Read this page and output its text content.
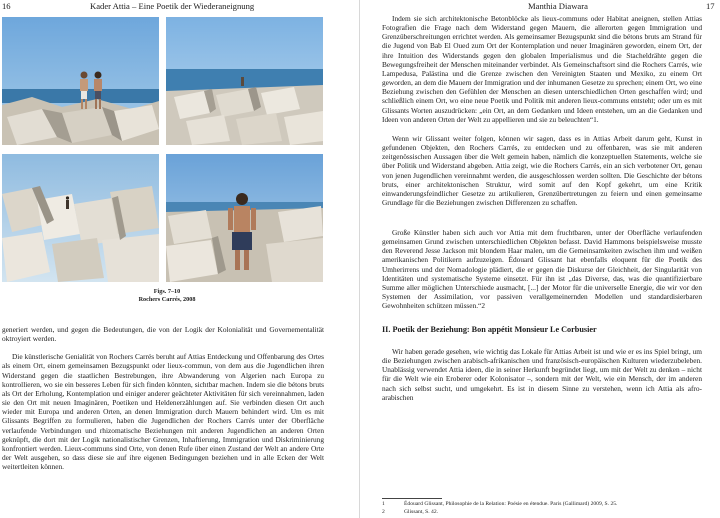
16	Kader Attia – Eine Poetik der Wiederaneignung
Figs. 7–10
Rochers Carrés, 2008

generiert werden, und gegen die Bedeutungen, die von der Logik der Kolonialität und Governementalität oktroyiert werden.

Die künstlerische Genialität von Rochers Carrés beruht auf Attias Entdeckung und Offenbarung des Ortes als einem Ort, einem gemeinsamen Bezugspunkt oder lieux-commun, von dem aus die Jugendlichen ihren Widerstand gegen die staatlichen Bestrebungen, ihre Abwanderung von Algerien nach Europa zu kontrollieren, wo sie ein besseres Leben für sich finden könnten, sichtbar machen. Indem sie die bétons bruts als Ort der Erholung, Kontemplation und einiger anderer geächteter Aktivitäten für sich vereinnahmen, laden sie den Ort mit neuen Imaginären, Poetiken und Heldenerzählungen auf. Sie verbinden diesen Ort auch wieder mit Europa und anderen Orten, an denen Immigration durch Mauern behindert wird. Um es mit Glissants Begriffen zu formulieren, haben die Jugendlichen der Rochers Carrés unter der Oberfläche verlaufende Verbindungen und rhizomatische Beziehungen mit anderen Jugendlichen an anderen Orten geknüpft, die dort mit der Logik nationalistischer Grenzen, Inhaftierung, Immigration und Diskriminierung konfrontiert werden. Lieux-communs sind Orte, von denen Rufe über einen Zustand der Welt an andere Orte der Welt ausgehen, so dass diese sie auf ihre eigenen Bedingungen beziehen und in alle Ecken der Welt weitertleiten können.

Manthia Diawara	17

Indem sie sich architektonische Betonblöcke als lieux-communs oder Habitat aneignen, stellen Attias Fotografien die Frage nach dem Widerstand gegen Mauern, die allerorten gegen Immigration und Grenzüberschreitungen errichtet werden. Als gemeinsamer Bezugspunkt sind die bétons bruts am Strand für die Jugend von Bab El Oued zum Ort der Kontemplation und neuer Imaginären geworden, einem Ort, der ihre Intuition des Widerstands gegen den globalen Imperialismus und die Stacheldrähte gegen die Bewegungsfreiheit der Menschen miteinander verbindet. Als Gemeinschaftsort sind die Rochers Carrés, wie Lampedusa, Palästina und die Grenze zwischen den Vereinigten Staaten und Mexiko, zu einem Ort geworden, an dem die Mauern der Immigration und der inhumanen Gesetze zu sprechen; einem Ort, wo eine Beziehung zwischen den Gefühlen der Menschen an diesen unterschiedlichen Orten geschaffen wird; und schließlich einem Ort, wo eine neue Poetik und Politik mit anderen lieux-communs entsteht; oder um es mit Glissants Worten auszudrücken: „ein Ort, an dem Gedanken und Ideen entstehen, um an die Gedanken und Ideen von anderen Orten der Welt zu appellieren und sie zu beleuchten“1.

Wenn wir Glissant weiter folgen, können wir sagen, dass es in Attias Arbeit darum geht, Kunst in gefundenen Objekten, den Rochers Carrés, zu entdecken und zu offenbaren, was sie mit anderen zeitgenössischen Aussagen über die Welt gemein haben, nämlich die konzeptuellen Statements, welche sie über Politik und Widerstand abgeben. Attia zeigt, wie die Rochers Carrés, ein an sich verbotener Ort, genau von jenen Jugendlichen vereinnahmt werden, die ausgeschlossen werden sollten. Die Geschichte der bétons bruts, einer architektonischen Struktur, wird somit auf den Kopf gekehrt, um eine Kritik einwanderungsfeindlicher Gesetze zu artikulieren, Grenzübertretungen zu feiern und einen gemeinsame Grundlage für die Beziehungen zwischen Differenzen zu schaffen.

Große Künstler haben sich auch vor Attia mit dem fruchtbaren, unter der Oberfläche verlaufenden gemeinsamen Grund zwischen unterschiedlichen Objekten befasst. David Hammons beispielsweise musste den Reverend Jesse Jackson mit blondem Haar malen, um die Gemeinsamkeiten zwischen ihm und weißen amerikanischen Politikern aufzuzeigen. Édouard Glissant hat ebenfalls eloquent für die Poetik des Umherirrens und der Nomadologie plädiert, die er gegen die Diskurse der Gleichheit, der Singularität von Identitäten und systematische Systeme einsetzt. Für ihn ist „das Diverse, das, was die quantifizierbare Summe aller möglichen Unterschiede ausmacht, [...] der Motor für die universelle Energie, die wir vor den Systemen der Assimilation, vor passiven verallgemeinernden Modellen und standardisierbaren Gewohnheiten schützen müssen.“2

II. Poetik der Beziehung: Bon appétit Monsieur Le Corbusier

Wir haben gerade gesehen, wie wichtig das Lokale für Attias Arbeit ist und wie er es ins Spiel bringt, um die Beziehungen zwischen arabisch-afrikanischen und französisch-europäischen Kulturen wiederzubeleben. Unablässig verwendet Attia ideen, die in seiner Herkunft begründet liegt, um mit der Welt zu denken – nicht für die Welt wie ein Eroberer oder Kolonisator –, sondern mit der Welt, wie ein Mensch, der im anderen nach sich selbst sucht, und umgekehrt. Es ist in diesem Sinne zu verstehen, wenn ich Attia als afro-arabischen

1	Édouard Glissant, Philosophie de la Relation: Poésie en étendue. Paris (Gallimard) 2009, S. 25.
2	Glissant, S. 42.
